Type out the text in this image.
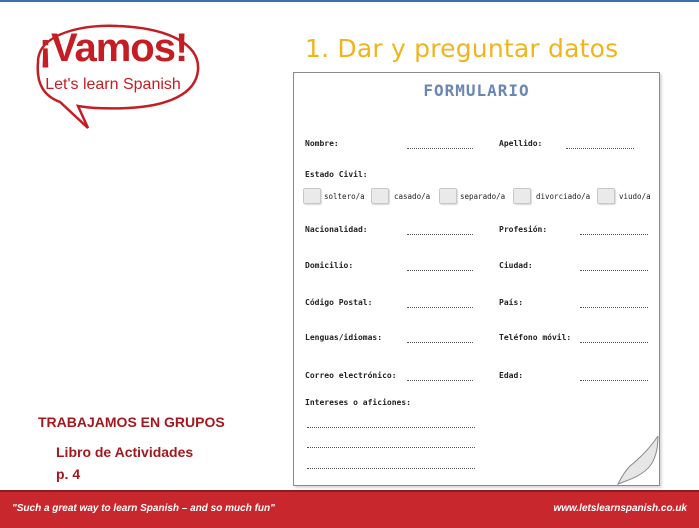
¡Vamos!
Let's learn Spanish
1. Dar y preguntar datos
FORMULARIO
Nombre:	Apellido:
Estado Civil:
soltero/a	casado/a	separado/a	divorciado/a	viudo/a
Nacionalidad:	Profesión:
Domicilio:	Ciudad:
Código Postal:	País:
Lenguas/idiomas:	Teléfono móvil:
Correo electrónico:	Edad:
Intereses o aficiones:
TRABAJAMOS EN GRUPOS
Libro de Actividades
p. 4
"Such a great way to learn Spanish – and so much fun"	www.letslearnspanish.co.uk
